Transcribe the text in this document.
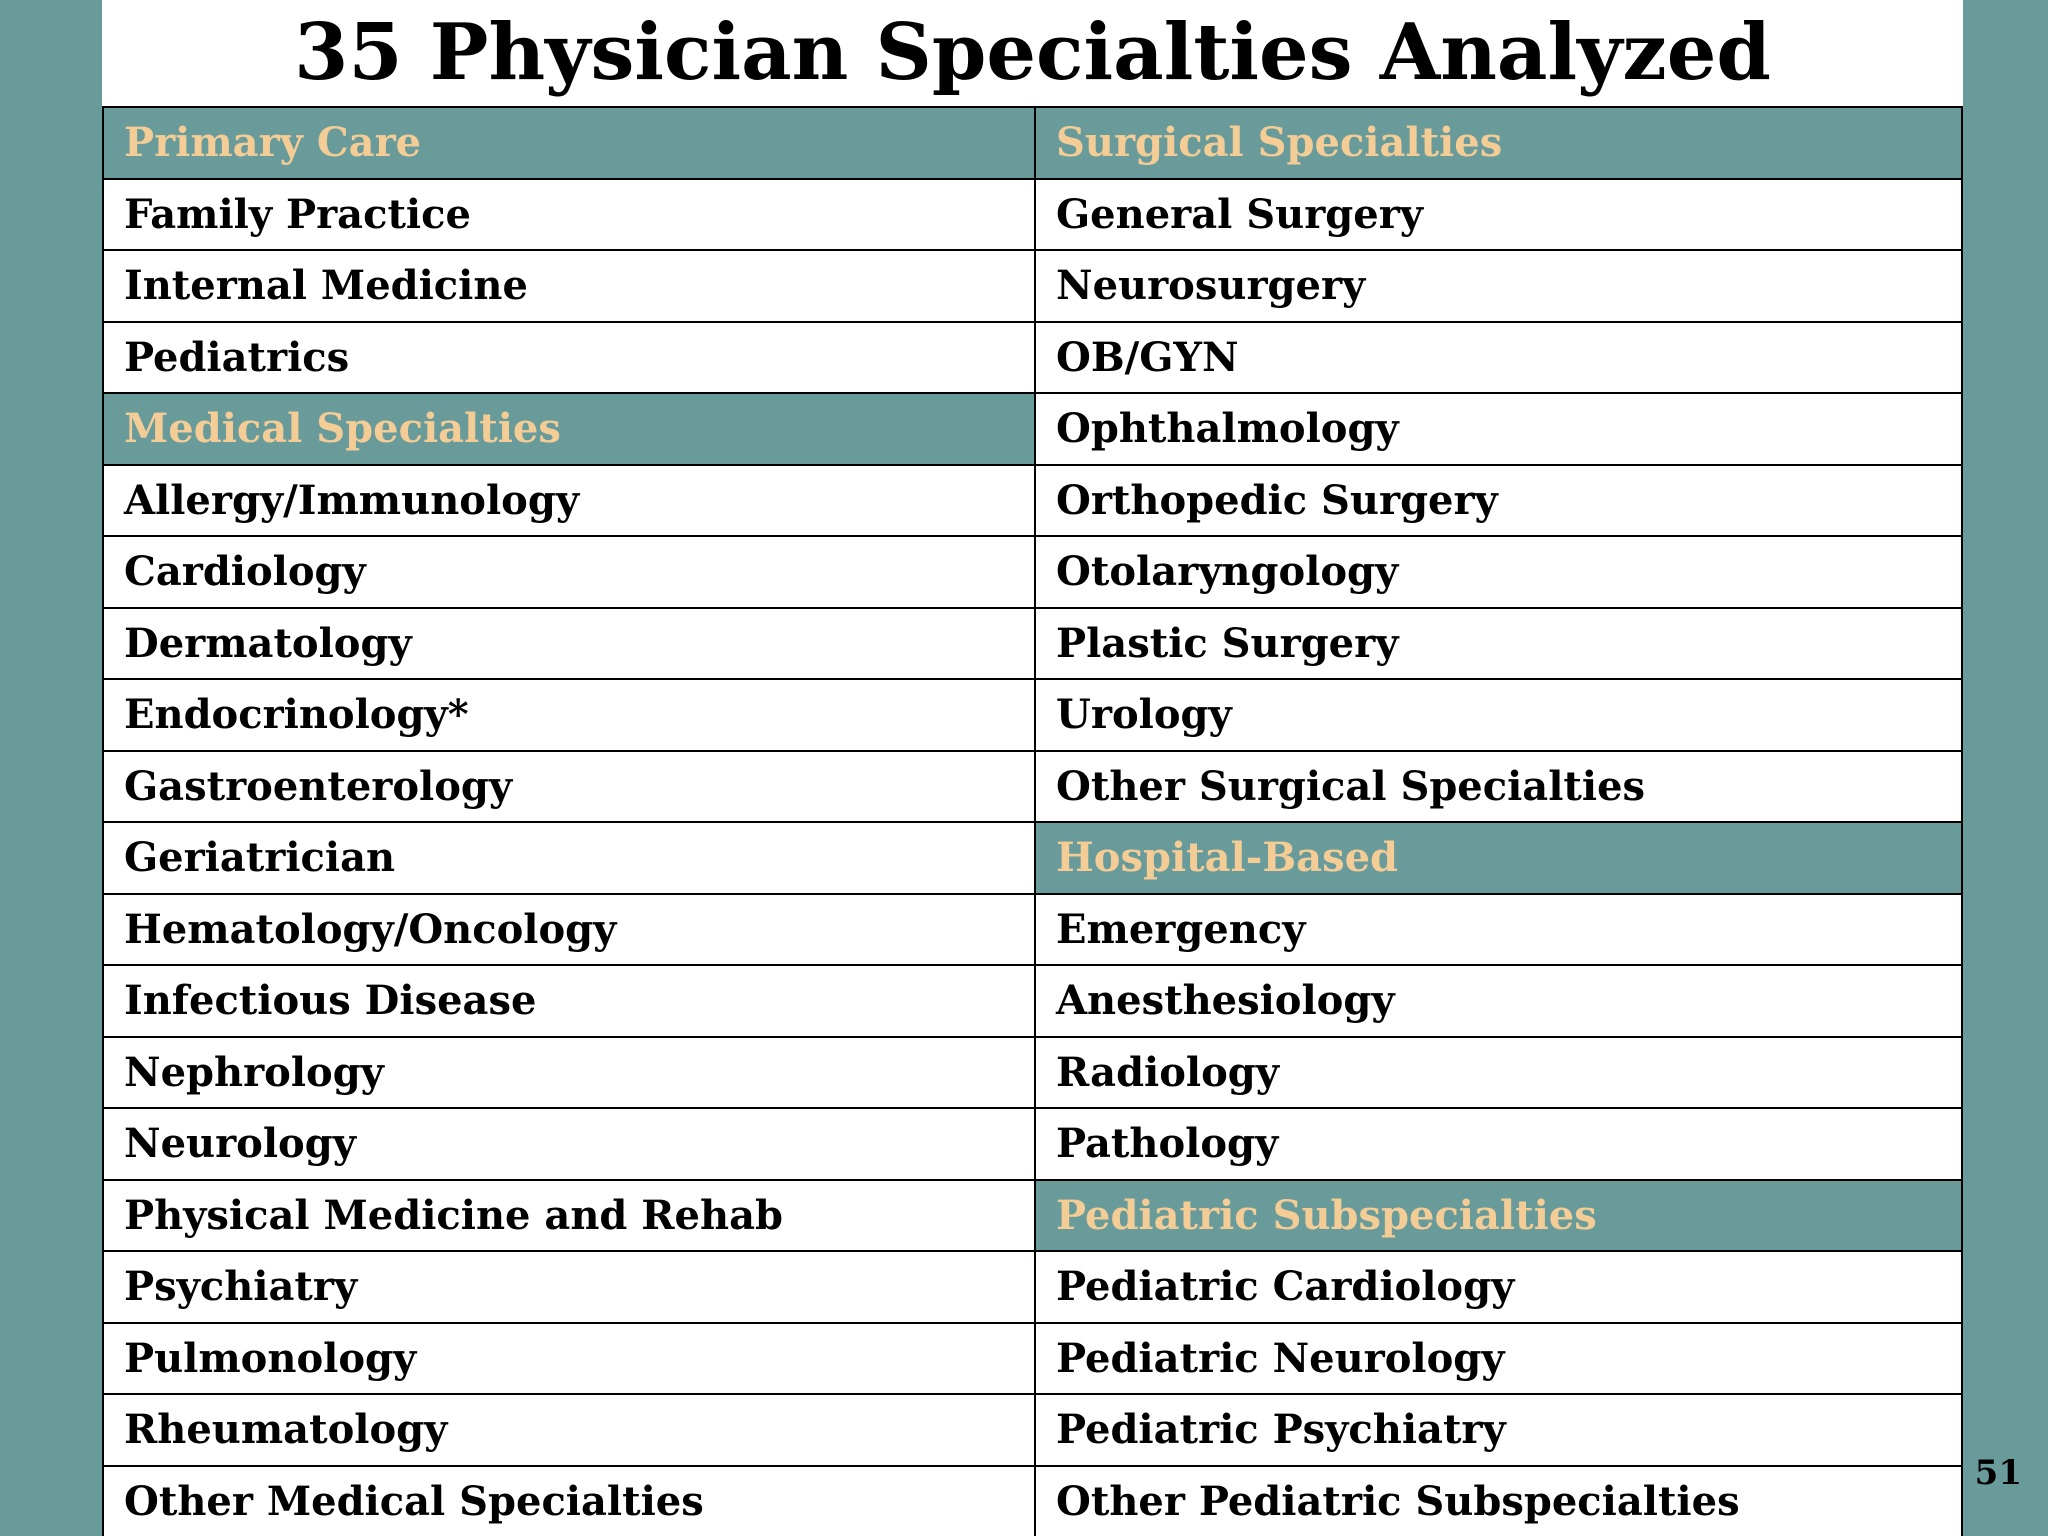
35 Physician Specialties Analyzed
Primary Care
Family Practice
Internal Medicine
Pediatrics
Medical Specialties
Allergy/Immunology
Cardiology
Dermatology
Endocrinology*
Gastroenterology
Geriatrician
Hematology/Oncology
Infectious Disease
Nephrology
Neurology
Physical Medicine and Rehab
Psychiatry
Pulmonology
Rheumatology
Other Medical Specialties
Surgical Specialties
General Surgery
Neurosurgery
OB/GYN
Ophthalmology
Orthopedic Surgery
Otolaryngology
Plastic Surgery
Urology
Other Surgical Specialties
Hospital-Based
Emergency
Anesthesiology
Radiology
Pathology
Pediatric Subspecialties
Pediatric Cardiology
Pediatric Neurology
Pediatric Psychiatry
Other Pediatric Subspecialties
51
